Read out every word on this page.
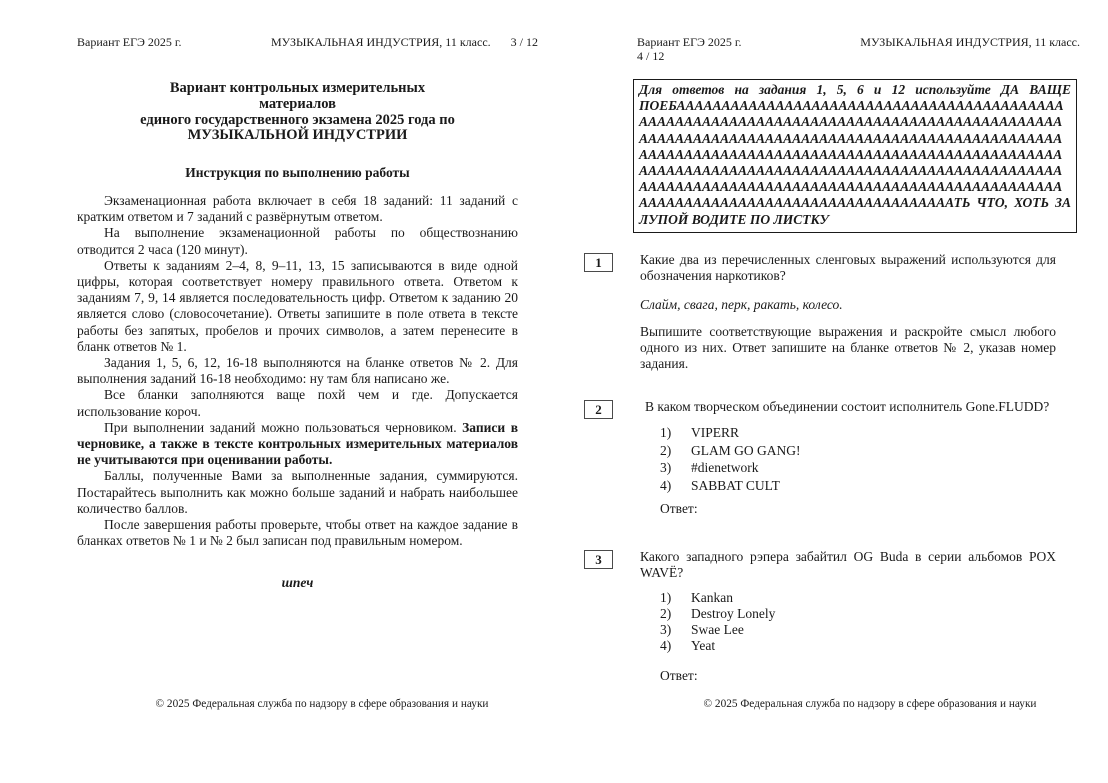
Вариант ЕГЭ 2025 г.	МУЗЫКАЛЬНАЯ ИНДУСТРИЯ, 11 класс. 3 / 12
Вариант контрольных измерительных
материалов
единого государственного экзамена 2025 года по
МУЗЫКАЛЬНОЙ ИНДУСТРИИ
Инструкция по выполнению работы

Экзаменационная работа включает в себя 18 заданий: 11 заданий с кратким ответом и 7 заданий с развёрнутым ответом.

На выполнение экзаменационной работы по обществознанию отводится 2 часа (120 минут).

Ответы к заданиям 2–4, 8, 9–11, 13, 15 записываются в виде одной цифры, которая соответствует номеру правильного ответа. Ответом к заданиям 7, 9, 14 является последовательность цифр. Ответом к заданию 20 является слово (словосочетание). Ответы запишите в поле ответа в тексте работы без запятых, пробелов и прочих символов, а затем перенесите в бланк ответов № 1.

Задания 1, 5, 6, 12, 16-18 выполняются на бланке ответов № 2. Для выполнения заданий 16-18 необходимо: ну там бля написано же.

Все бланки заполняются ваще похй чем и где. Допускается использование короч.

При выполнении заданий можно пользоваться черновиком. Записи в черновике, а также в тексте контрольных измерительных материалов не учитываются при оценивании работы.

Баллы, полученные Вами за выполненные задания, суммируются. Постарайтесь выполнить как можно больше заданий и набрать наибольшее количество баллов.

После завершения работы проверьте, чтобы ответ на каждое задание в бланках ответов № 1 и № 2 был записан под правильным номером.

шпеч
© 2025 Федеральная служба по надзору в сфере образования и науки
Вариант ЕГЭ 2025 г.
4 / 12
МУЗЫКАЛЬНАЯ ИНДУСТРИЯ, 11 класс.
Для ответов на задания 1, 5, 6 и 12 используйте ДА ВАЩЕ
ПОЕБАААААААААААААААААААААААААААААААААААААААААААААААААААААААААААААААААААААААААААААААААААААААААААААААААААААААААААААААААААААААААААААААААААААААААААААААААААААААААААААААААААААААААААААААААААААААААААААААААААААААААААААААААААААААААААААААААААААААААААААААААААААААААААААААААААААААААААААААААААААААААААААААААААААААААААААААААААААААААТЬ ЧТО, ХОТЬ ЗАЛУПОЙ ВОДИТЕ ПО ЛИСТКУ
1	Какие два из перечисленных сленговых выражений используются для обозначения наркотиков?
Слайм, свага, перк, ракать, колесо.
Выпишите соответствующие выражения и раскройте смысл любого одного из них. Ответ запишите на бланке ответов № 2, указав номер задания.
2	В каком творческом объединении состоит исполнитель Gone.FLUDD?
1) VIPERR
2) GLAM GO GANG!
3) #dienetwork
4) SABBAT CULT
Ответ:
3	Какого западного рэпера забайтил OG Buda в серии альбомов POX WAVЁ?
1) Kankan
2) Destroy Lonely
3) Swae Lee
4) Yeat
Ответ:
© 2025 Федеральная служба по надзору в сфере образования и науки
